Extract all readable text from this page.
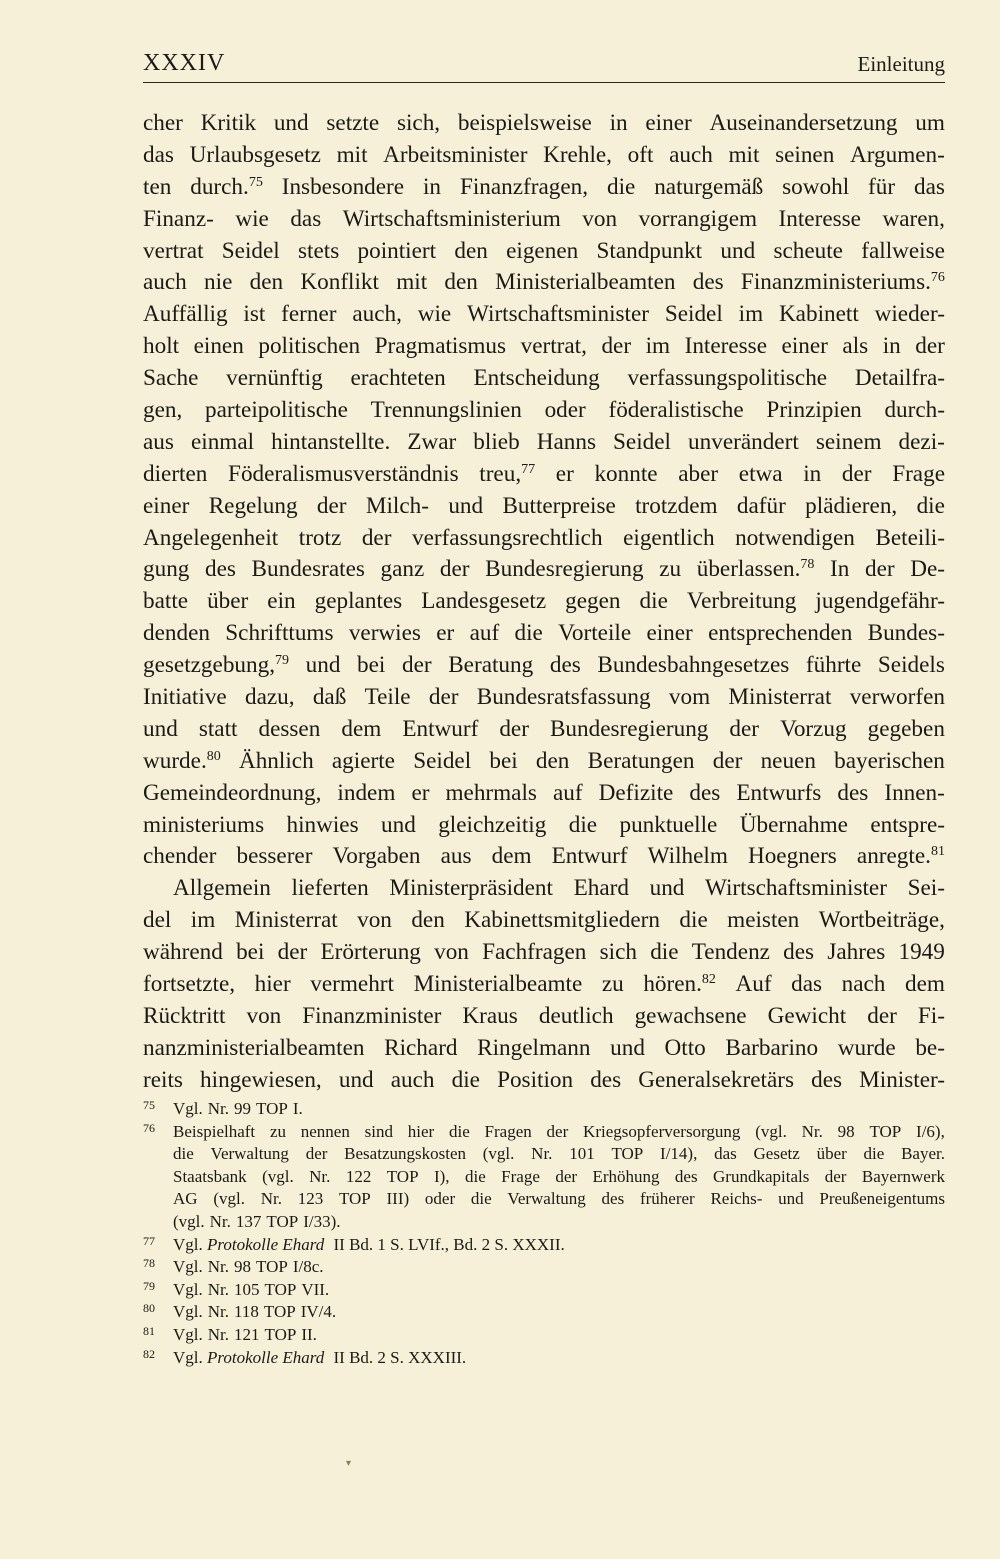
XXXIV	Einleitung
cher Kritik und setzte sich, beispielsweise in einer Auseinandersetzung um
das Urlaubsgesetz mit Arbeitsminister Krehle, oft auch mit seinen Argumen-
ten durch.$^{75}$ Insbesondere in Finanzfragen, die naturgemäß sowohl für das
Finanz- wie das Wirtschaftsministerium von vorrangigem Interesse waren,
vertrat Seidel stets pointiert den eigenen Standpunkt und scheute fallweise
auch nie den Konflikt mit den Ministerialbeamten des Finanzministeriums.$^{76}$
Auffällig ist ferner auch, wie Wirtschaftsminister Seidel im Kabinett wieder-
holt einen politischen Pragmatismus vertrat, der im Interesse einer als in der
Sache vernünftig erachteten Entscheidung verfassungspolitische Detailfra-
gen, parteipolitische Trennungslinien oder föderalistische Prinzipien durch-
aus einmal hintanstellte. Zwar blieb Hanns Seidel unverändert seinem dezi-
dierten Föderalismusverständnis treu,$^{77}$ er konnte aber etwa in der Frage
einer Regelung der Milch- und Butterpreise trotzdem dafür plädieren, die
Angelegenheit trotz der verfassungsrechtlich eigentlich notwendigen Beteili-
gung des Bundesrates ganz der Bundesregierung zu überlassen.$^{78}$ In der De-
batte über ein geplantes Landesgesetz gegen die Verbreitung jugendgefähr-
denden Schrifttums verwies er auf die Vorteile einer entsprechenden Bundes-
gesetzgebung,$^{79}$ und bei der Beratung des Bundesbahngesetzes führte Seidels
Initiative dazu, daß Teile der Bundesratsfassung vom Ministerrat verworfen
und statt dessen dem Entwurf der Bundesregierung der Vorzug gegeben
wurde.$^{80}$ Ähnlich agierte Seidel bei den Beratungen der neuen bayerischen
Gemeindeordnung, indem er mehrmals auf Defizite des Entwurfs des Innen-
ministeriums hinwies und gleichzeitig die punktuelle Übernahme entspre-
chender besserer Vorgaben aus dem Entwurf Wilhelm Hoegners anregte.$^{81}$
Allgemein lieferten Ministerpräsident Ehard und Wirtschaftsminister Sei-
del im Ministerrat von den Kabinettsmitgliedern die meisten Wortbeiträge,
während bei der Erörterung von Fachfragen sich die Tendenz des Jahres 1949
fortsetzte, hier vermehrt Ministerialbeamte zu hören.$^{82}$ Auf das nach dem
Rücktritt von Finanzminister Kraus deutlich gewachsene Gewicht der Fi-
nanzministerialbeamten Richard Ringelmann und Otto Barbarino wurde be-
reits hingewiesen, und auch die Position des Generalsekretärs des Minister-
75	Vgl. Nr. 99 TOP I.
76	Beispielhaft zu nennen sind hier die Fragen der Kriegsopferversorgung (vgl. Nr. 98 TOP I/6),
die Verwaltung der Besatzungskosten (vgl. Nr. 101 TOP I/14), das Gesetz über die Bayer.
Staatsbank (vgl. Nr. 122 TOP I), die Frage der Erhöhung des Grundkapitals der Bayernwerk
AG (vgl. Nr. 123 TOP III) oder die Verwaltung des früherer Reichs- und Preußeneigentums
(vgl. Nr. 137 TOP I/33).
77	Vgl. Protokolle Ehard II Bd. 1 S. LVIf., Bd. 2 S. XXXII.
78	Vgl. Nr. 98 TOP I/8c.
79	Vgl. Nr. 105 TOP VII.
80	Vgl. Nr. 118 TOP IV/4.
81	Vgl. Nr. 121 TOP II.
82	Vgl. Protokolle Ehard II Bd. 2 S. XXXIII.
▾
